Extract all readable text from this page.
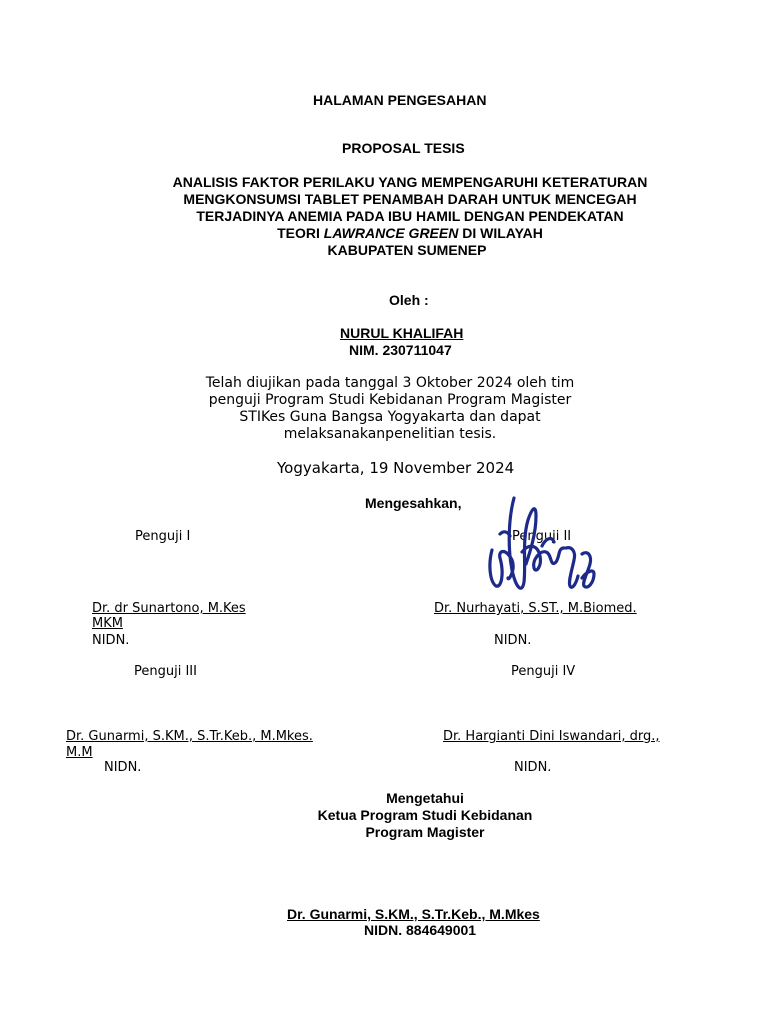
HALAMAN PENGESAHAN
PROPOSAL TESIS
ANALISIS FAKTOR PERILAKU YANG MEMPENGARUHI KETERATURAN
MENGKONSUMSI TABLET PENAMBAH DARAH UNTUK MENCEGAH
TERJADINYA ANEMIA PADA IBU HAMIL DENGAN PENDEKATAN
TEORI LAWRANCE GREEN DI WILAYAH
KABUPATEN SUMENEP
Oleh :
NURUL KHALIFAH
NIM. 230711047
Telah diujikan pada tanggal 3 Oktober 2024 oleh tim
penguji Program Studi Kebidanan Program Magister
STIKes Guna Bangsa Yogyakarta dan dapat
melaksanakanpenelitian tesis.
Yogyakarta, 19 November 2024
Mengesahkan,
Penguji I	Penguji II
Dr. dr Sunartono, M.Kes
MKM
NIDN.
Dr. Nurhayati, S.ST., M.Biomed.
NIDN.
Penguji III	Penguji IV
Dr. Gunarmi, S.KM., S.Tr.Keb., M.Mkes.
M.M
NIDN.
Dr. Hargianti Dini Iswandari, drg.,
NIDN.
Mengetahui
Ketua Program Studi Kebidanan
Program Magister
Dr. Gunarmi, S.KM., S.Tr.Keb., M.Mkes
NIDN. 884649001
